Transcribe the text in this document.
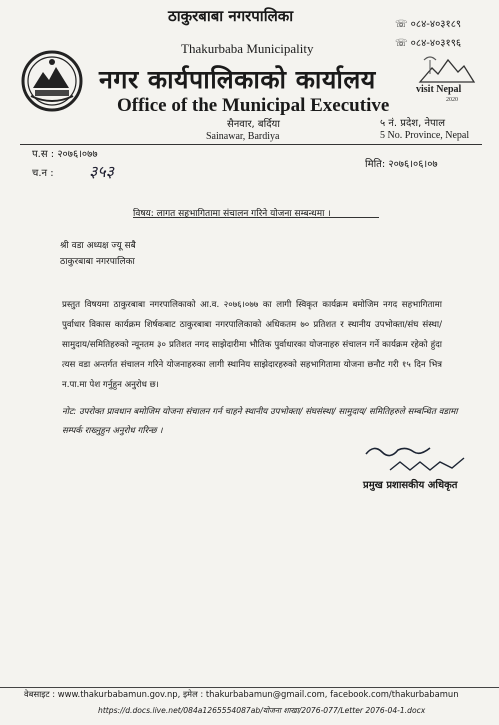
ठाकुरबाबा नगरपालिका
Thakurbaba Municipality
नगर कार्यपालिकाको कार्यालय
Office of the Municipal Executive
सैनवार, बर्दिया
Sainawar, Bardiya
☏ ०८४-४०३१८९
☏ ०८४-४०३१९६
visit Nepal
2020
५ नं. प्रदेश, नेपाल
5 No. Province, Nepal
प.स : २०७६।०७७
च.न : ३५३	मिति: २०७६।०६।०७
विषय: लागत सहभागितामा संचालन गरिने योजना सम्बन्धमा ।
श्री वडा अध्यक्ष ज्यू सबै
ठाकुरबाबा नगरपालिका
प्रस्तुत विषयमा ठाकुरबाबा नगरपालिकाको आ.व. २०७६।०७७ का लागी स्विकृत कार्यक्रम बमोजिम नगद सहभागितामा पुर्वाधार विकास कार्यक्रम शिर्षकबाट ठाकुरबाबा नगरपालिकाको अधिकतम ७० प्रतिशत र स्थानीय उपभोक्ता/संघ संस्था/सामुदाय/समितिहरुको न्यूनतम ३० प्रतिशत नगद साझेदारीमा भौतिक पुर्वाधारका योजनाहरु संचालन गर्ने कार्यक्रम रहेको हुंदा त्यस वडा अन्तर्गत संचालन गरिने योजनाहरुका लागी स्थानिय साझेदारहरुको सहभागितामा योजना छनौट गरी १५ दिन भित्र न.पा.मा पेश गर्नुहुन अनुरोध छ।
नोट: उपरोक्त प्रावधान बमोजिम योजना संचालन गर्न चाहने स्थानीय उपभोक्ता/ संघसंस्था/ सामुदाय/ समितिहरुले सम्बन्धित वडामा सम्पर्क राख्नुहुन अनुरोध गरिन्छ ।
प्रमुख प्रशासकीय अधिकृत
वेबसाइट : www.thakurbabamun.gov.np, इमेल : thakurbabamun@gmail.com, facebook.com/thakurbabamun
https://d.docs.live.net/084a1265554087ab/योजना शाखा/2076-077/Letter 2076-04-1.docx
